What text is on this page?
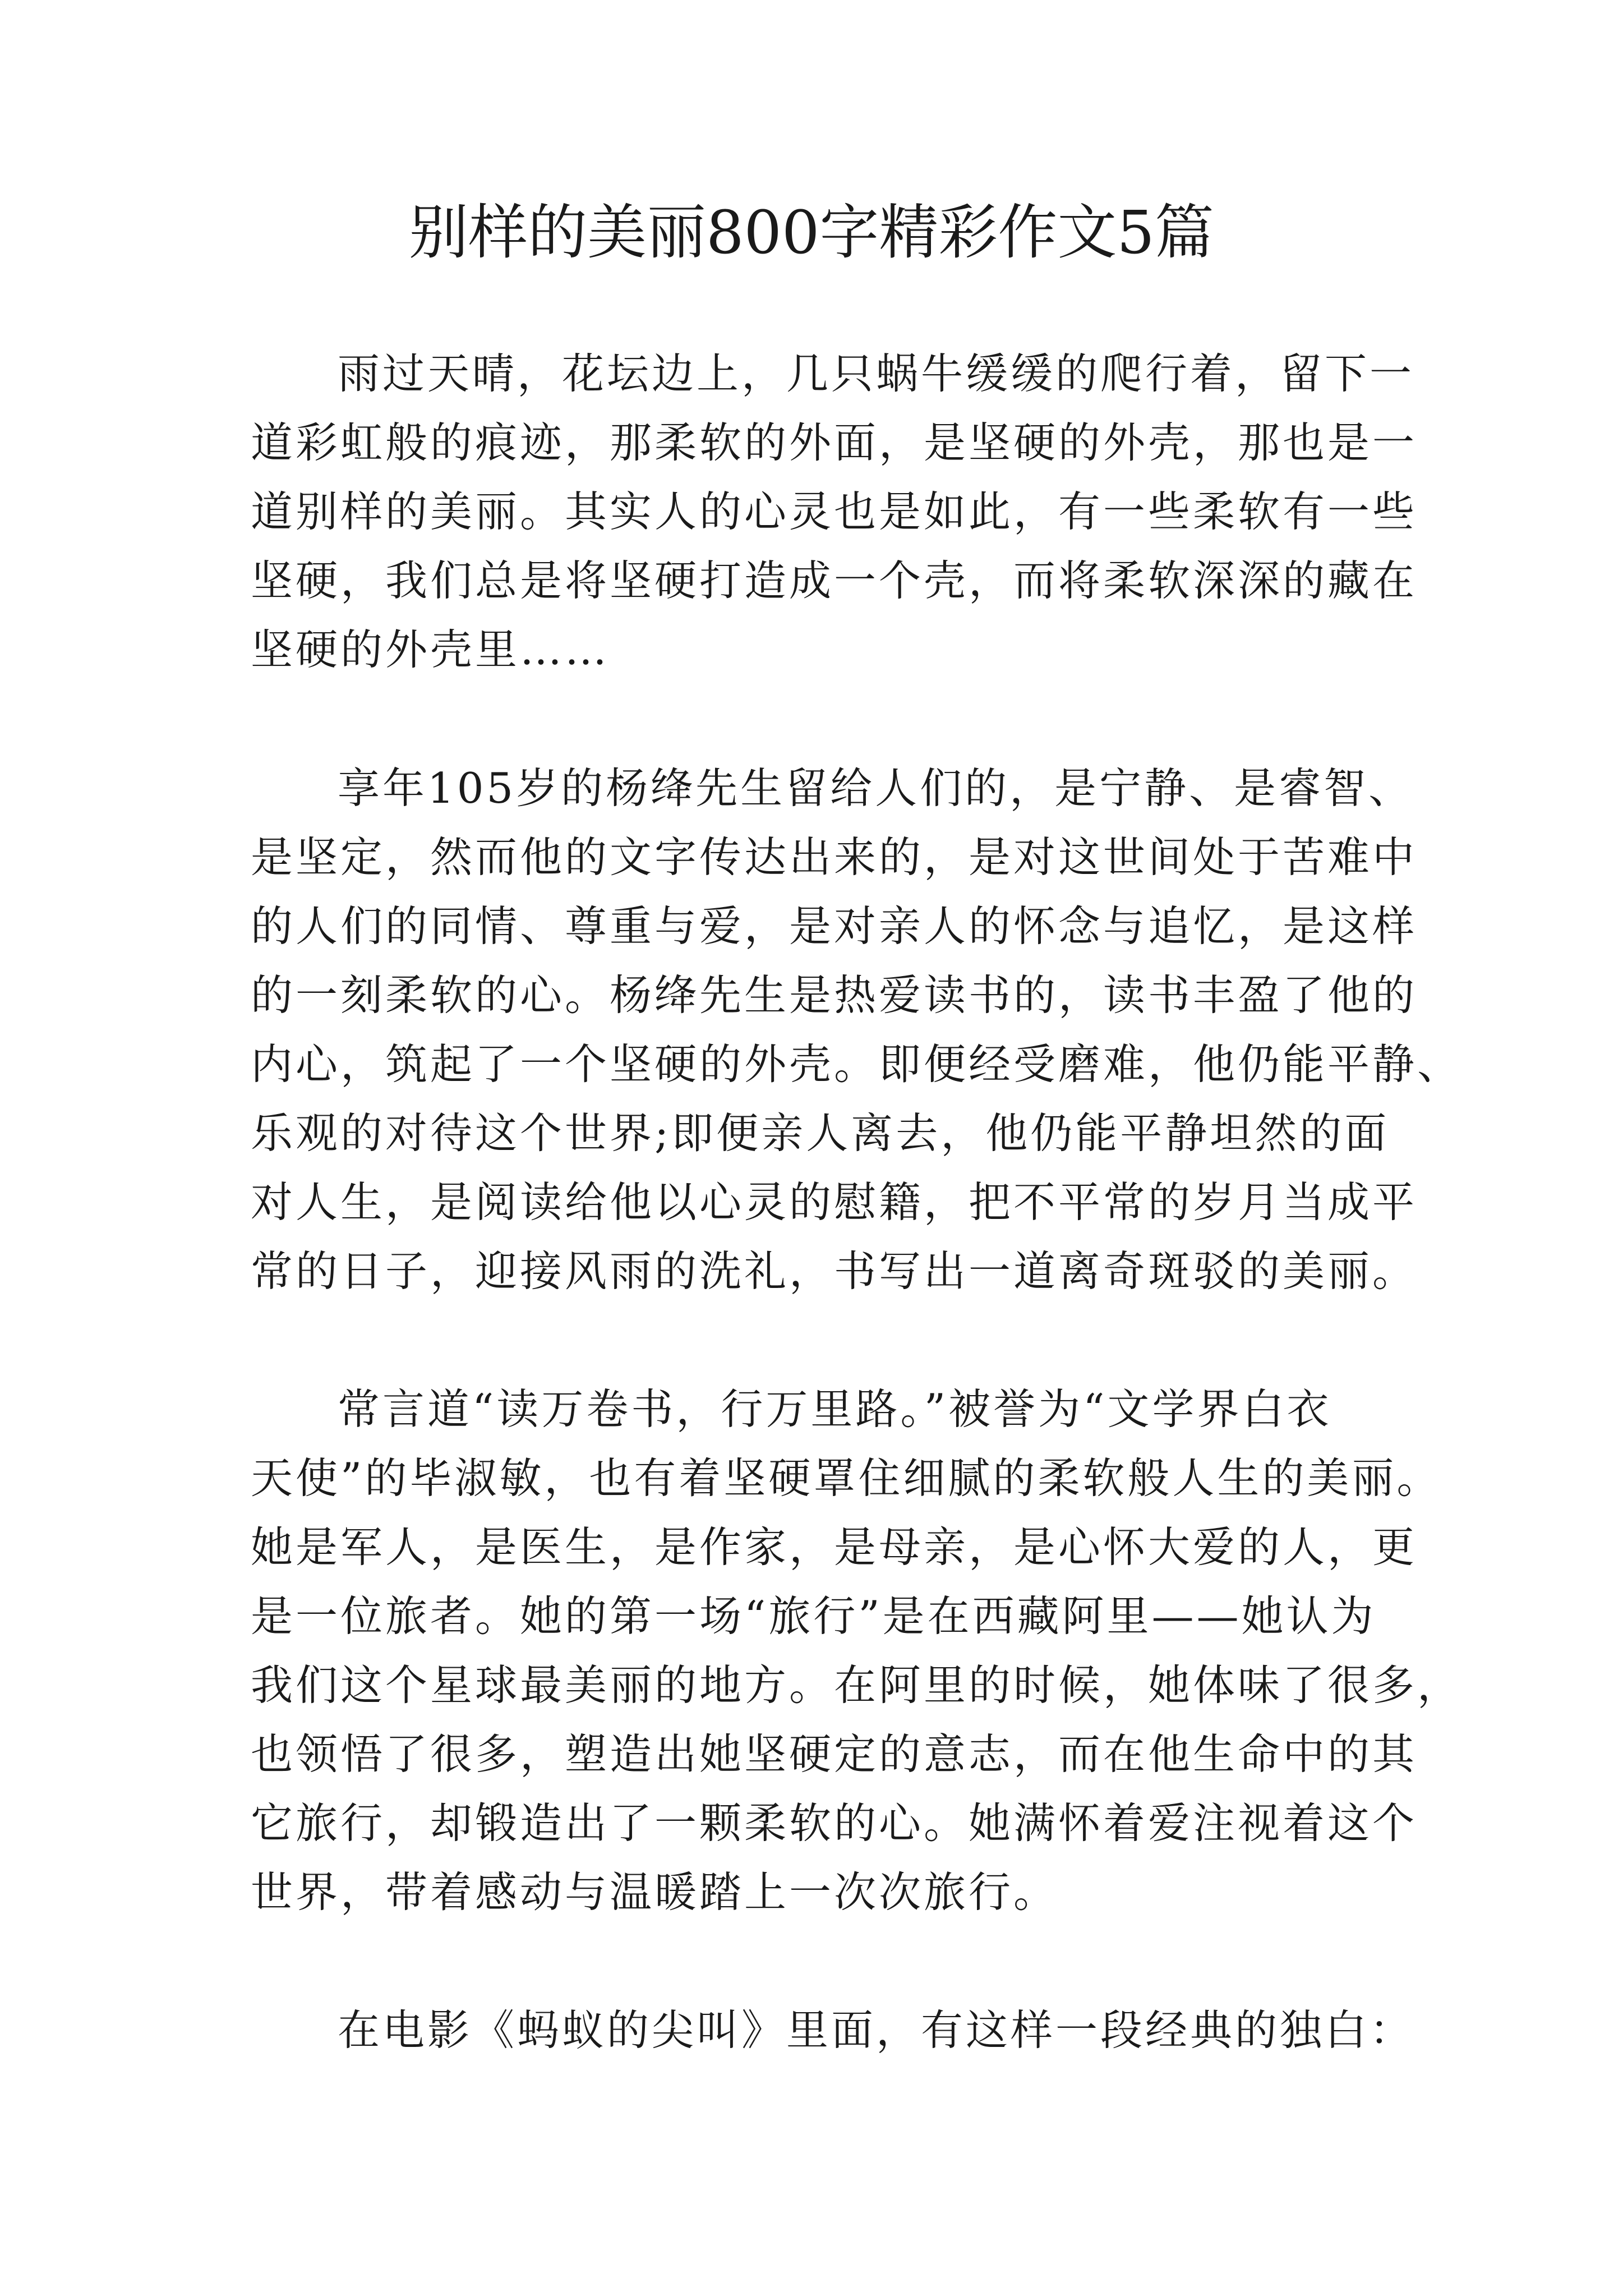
别样的美丽800字精彩作文5篇
雨过天晴，花坛边上，几只蜗牛缓缓的爬行着，留下一
道彩虹般的痕迹，那柔软的外面，是坚硬的外壳，那也是一
道别样的美丽。其实人的心灵也是如此，有一些柔软有一些
坚硬，我们总是将坚硬打造成一个壳，而将柔软深深的藏在
坚硬的外壳里……
享年105岁的杨绛先生留给人们的，是宁静、是睿智、
是坚定，然而他的文字传达出来的，是对这世间处于苦难中
的人们的同情、尊重与爱，是对亲人的怀念与追忆，是这样
的一刻柔软的心。杨绛先生是热爱读书的，读书丰盈了他的
内心，筑起了一个坚硬的外壳。即便经受磨难，他仍能平静、
乐观的对待这个世界;即便亲人离去，他仍能平静坦然的面
对人生，是阅读给他以心灵的慰籍，把不平常的岁月当成平
常的日子，迎接风雨的洗礼，书写出一道离奇斑驳的美丽。
常言道“读万卷书，行万里路。”被誉为“文学界白衣
天使”的毕淑敏，也有着坚硬罩住细腻的柔软般人生的美丽。
她是军人，是医生，是作家，是母亲，是心怀大爱的人，更
是一位旅者。她的第一场“旅行”是在西藏阿里——她认为
我们这个星球最美丽的地方。在阿里的时候，她体味了很多，
也领悟了很多，塑造出她坚硬定的意志，而在他生命中的其
它旅行，却锻造出了一颗柔软的心。她满怀着爱注视着这个
世界，带着感动与温暖踏上一次次旅行。
在电影《蚂蚁的尖叫》里面，有这样一段经典的独白：
